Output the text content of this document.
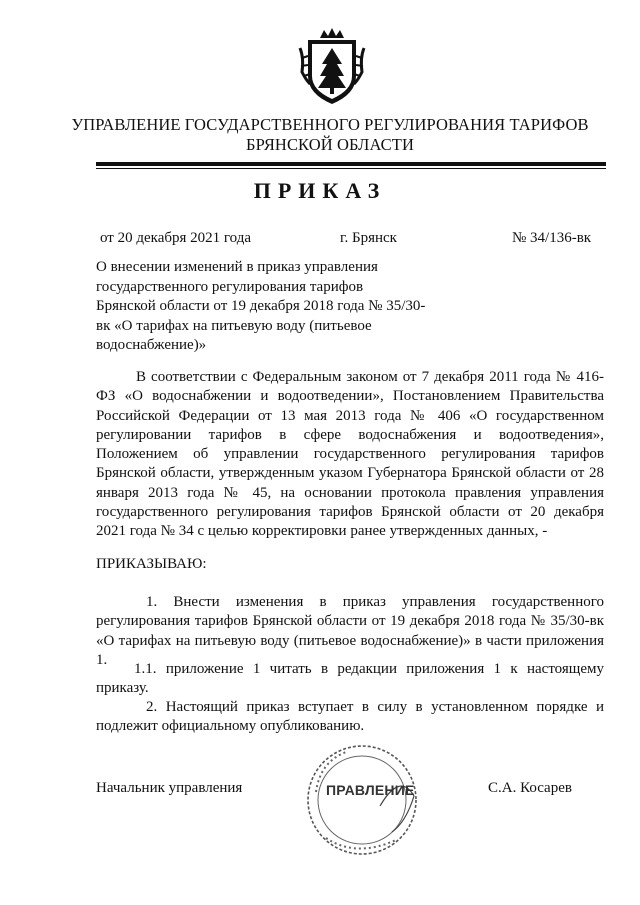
УПРАВЛЕНИЕ ГОСУДАРСТВЕННОГО РЕГУЛИРОВАНИЯ ТАРИФОВ
БРЯНСКОЙ ОБЛАСТИ
ПРИКАЗ
от 20 декабря 2021 года	г. Брянск	№ 34/136-вк
О внесении изменений в приказ управления государственного регулирования тарифов Брянской области от 19 декабря 2018 года № 35/30-вк «О тарифах на питьевую воду (питьевое водоснабжение)»
В соответствии с Федеральным законом от 7 декабря 2011 года № 416-ФЗ «О водоснабжении и водоотведении», Постановлением Правительства Российской Федерации от 13 мая 2013 года № 406 «О государственном регулировании тарифов в сфере водоснабжения и водоотведения», Положением об управлении государственного регулирования тарифов Брянской области, утвержденным указом Губернатора Брянской области от 28 января 2013 года № 45, на основании протокола правления управления государственного регулирования тарифов Брянской области от 20 декабря 2021 года № 34 с целью корректировки ранее утвержденных данных, -
ПРИКАЗЫВАЮ:
1. Внести изменения в приказ управления государственного регулирования тарифов Брянской области от 19 декабря 2018 года № 35/30-вк «О тарифах на питьевую воду (питьевое водоснабжение)» в части приложения 1.
1.1. приложение 1 читать в редакции приложения 1 к настоящему приказу.
2. Настоящий приказ вступает в силу в установленном порядке и подлежит официальному опубликованию.
Начальник управления	ПРАВЛЕНИЕ	С.А. Косарев
